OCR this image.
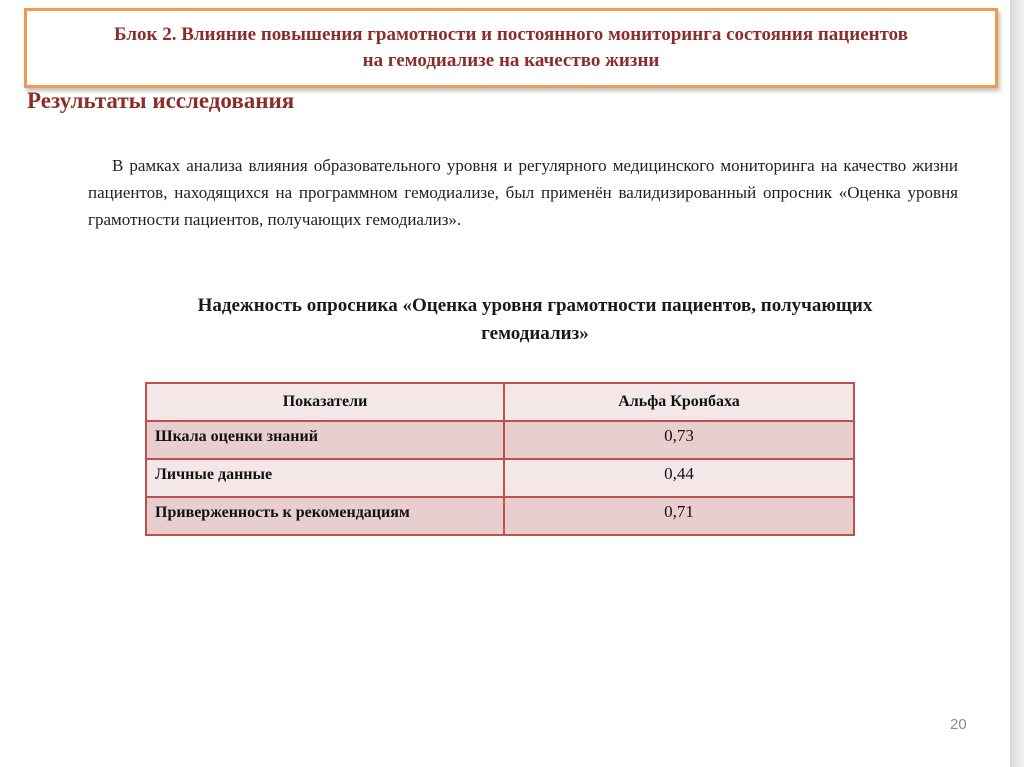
Блок 2. Влияние повышения грамотности и постоянного мониторинга состояния пациентов
на гемодиализе на качество жизни
Результаты исследования
В рамках анализа влияния образовательного уровня и регулярного медицинского мониторинга на качество жизни пациентов, находящихся на программном гемодиализе, был применён валидизированный опросник «Оценка уровня грамотности пациентов, получающих гемодиализ».
Надежность опросника «Оценка уровня грамотности пациентов, получающих
гемодиализ»
Показатели	Альфа Кронбаха
Шкала оценки знаний	0,73
Личные данные	0,44
Приверженность к рекомендациям	0,71
20
